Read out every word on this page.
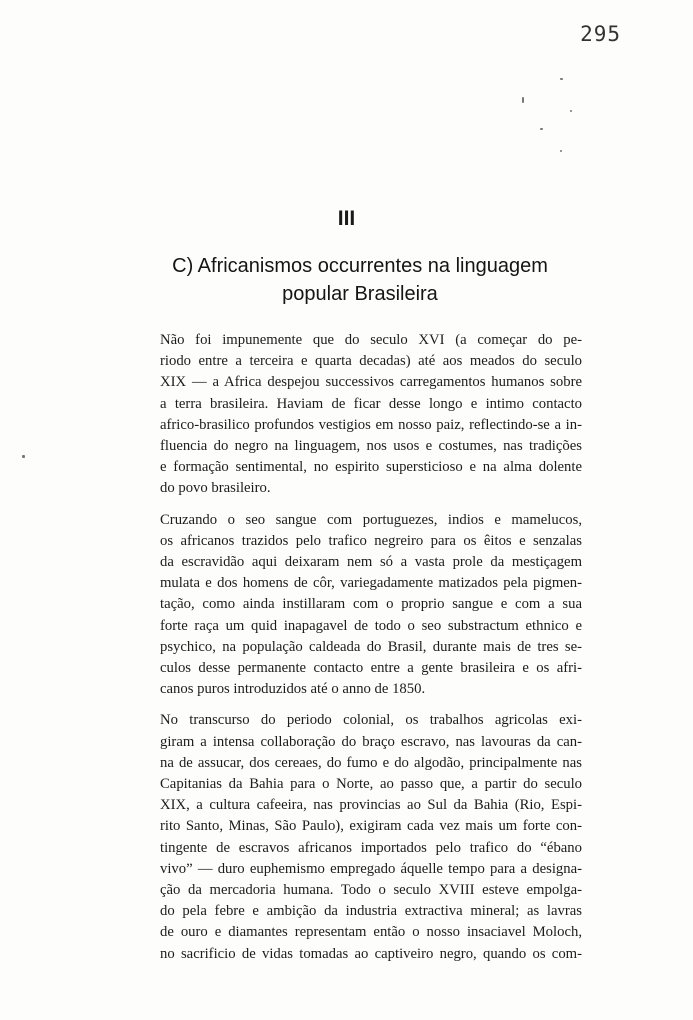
295
III
C) Africanismos occurrentes na linguagem
popular Brasileira

Não foi impunemente que do seculo XVI (a começar do pe-
riodo entre a terceira e quarta decadas) até aos meados do seculo
XIX — a Africa despejou successivos carregamentos humanos sobre
a terra brasileira. Haviam de ficar desse longo e intimo contacto
africo-brasilico profundos vestigios em nosso paiz, reflectindo-se a in-
fluencia do negro na linguagem, nos usos e costumes, nas tradições
e formação sentimental, no espirito supersticioso e na alma dolente
do povo brasileiro.

Cruzando o seo sangue com portuguezes, indios e mamelucos,
os africanos trazidos pelo trafico negreiro para os êitos e senzalas
da escravidão aqui deixaram nem só a vasta prole da mestiçagem
mulata e dos homens de côr, variegadamente matizados pela pigmen-
tação, como ainda instillaram com o proprio sangue e com a sua
forte raça um quid inapagavel de todo o seo substractum ethnico e
psychico, na população caldeada do Brasil, durante mais de tres se-
culos desse permanente contacto entre a gente brasileira e os afri-
canos puros introduzidos até o anno de 1850.

No transcurso do periodo colonial, os trabalhos agricolas exi-
giram a intensa collaboração do braço escravo, nas lavouras da can-
na de assucar, dos cereaes, do fumo e do algodão, principalmente nas
Capitanias da Bahia para o Norte, ao passo que, a partir do seculo
XIX, a cultura cafeeira, nas provincias ao Sul da Bahia (Rio, Espi-
rito Santo, Minas, São Paulo), exigiram cada vez mais um forte con-
tingente de escravos africanos importados pelo trafico do “ébano
vivo” — duro euphemismo empregado áquelle tempo para a designa-
ção da mercadoria humana. Todo o seculo XVIII esteve empolga-
do pela febre e ambição da industria extractiva mineral; as lavras
de ouro e diamantes representam então o nosso insaciavel Moloch,
no sacrificio de vidas tomadas ao captiveiro negro, quando os com-
